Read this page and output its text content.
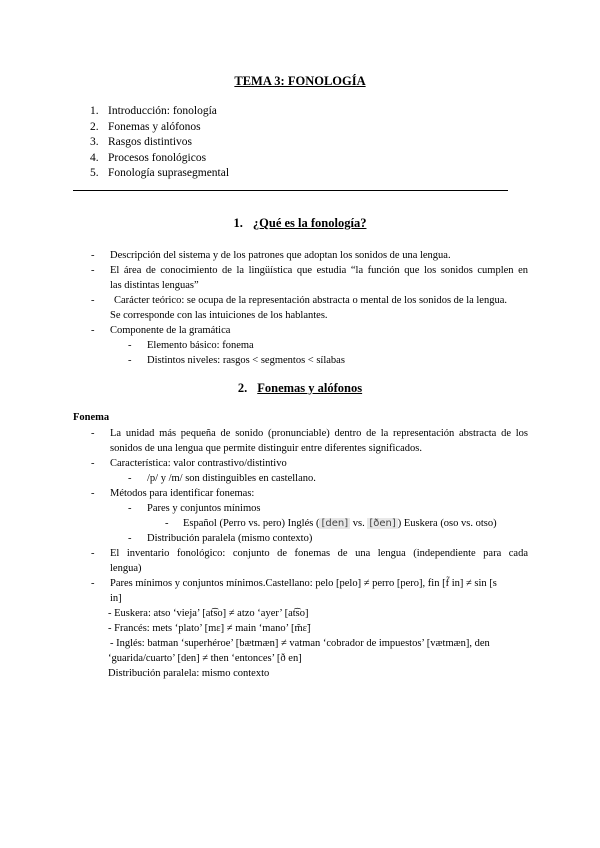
TEMA 3: FONOLOGÍA
1. Introducción: fonología
2. Fonemas y alófonos
3. Rasgos distintivos
4. Procesos fonológicos
5. Fonología suprasegmental
1. ¿Qué es la fonología?
- Descripción del sistema y de los patrones que adoptan los sonidos de una lengua.
- El área de conocimiento de la lingüística que estudia “la función que los sonidos cumplen en
las distintas lenguas”
- Carácter teórico: se ocupa de la representación abstracta o mental de los sonidos de la lengua.
Se corresponde con las intuiciones de los hablantes.
- Componente de la gramática
- Elemento básico: fonema
- Distintos niveles: rasgos < segmentos < sílabas
2. Fonemas y alófonos
Fonema
- La unidad más pequeña de sonido (pronunciable) dentro de la representación abstracta de los
sonidos de una lengua que permite distinguir entre diferentes significados.
- Característica: valor contrastivo/distintivo
- /p/ y /m/ son distinguibles en castellano.
- Métodos para identificar fonemas:
- Pares y conjuntos mínimos
- Español (Perro vs. pero) Inglés ( [den] vs. [ðen] ) Euskera (oso vs. otso)
- Distribución paralela (mismo contexto)
- El inventario fonológico: conjunto de fonemas de una lengua (independiente para cada
lengua)
- Pares mínimos y conjuntos mínimos.Castellano: pelo [pelo] ≠ perro [pero], fin [f̃ in] ≠ sin [s
in]
- Euskera: atso ‘vieja’ [at͡so] ≠ atzo ‘ayer’ [at͡so]
- Francés: mets ‘plato’ [mɛ] ≠ main ‘mano’ [m̃ɛ̃]
- Inglés: batman ‘superhéroe’ [bætmæn] ≠ vatman ‘cobrador de impuestos’ [vætmæn], den
‘guarida/cuarto’ [den] ≠ then ‘entonces’ [ð en]
Distribución paralela: mismo contexto
